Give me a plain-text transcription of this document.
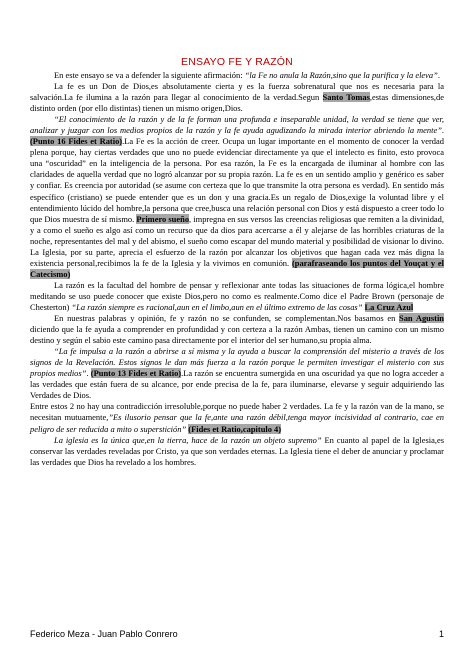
ENSAYO FE Y RAZÓN

En este ensayo se va a defender la siguiente afirmación: “la Fe no anula la Razón,sino que la purifica y la eleva”.

La fe es un Don de Dios,es absolutamente cierta y es la fuerza sobrenatural que nos es necesaria para la salvación.La fe ilumina a la razón para llegar al conocimiento de la verdad.Segun Santo Tomas,estas dimensiones,de distinto orden (por ello distintas) tienen un mismo origen,Dios.

“El conocimiento de la razón y de la fe forman una profunda e inseparable unidad, la verdad se tiene que ver, analizar y juzgar con los medios propios de la razón y la fe ayuda agudizando la mirada interior abriendo la mente”. (Punto 16 Fides et Ratio).La Fe es la acción de creer. Ocupa un lugar importante en el momento de conocer la verdad plena porque, hay ciertas verdades que uno no puede evidenciar directamente ya que el intelecto es finito, esto provoca una “oscuridad” en la inteligencia de la persona. Por esa razón, la Fe es la encargada de iluminar al hombre con las claridades de aquella verdad que no logró alcanzar por su propia razón. La fe es en un sentido amplio y genérico es saber y confiar. Es creencia por autoridad (se asume con certeza que lo que transmite la otra persona es verdad). En sentido más específico (cristiano) se puede entender que es un don y una gracia.Es un regalo de Dios,exige la voluntad libre y el entendimiento lúcido del hombre,la persona que cree,busca una relación personal con Dios y está dispuesto a creer todo lo que Dios muestra de sí mismo. Primero sueño, impregna en sus versos las creencias religiosas que remiten a la divinidad, y a como el sueño es algo así como un recurso que da dios para acercarse a él y alejarse de las horribles criaturas de la noche, representantes del mal y del abismo, el sueño como escapar del mundo material y posibilidad de visionar lo divino. La Iglesia, por su parte, aprecia el esfuerzo de la razón por alcanzar los objetivos que hagan cada vez más digna la existencia personal,recibimos la fe de la Iglesia y la vivimos en comunión. (parafraseando los puntos del Youçat y el Catecismo)

La razón es la facultad del hombre de pensar y reflexionar ante todas las situaciones de forma lógica,el hombre meditando se uso puede conocer que existe Dios,pero no como es realmente.Como dice el Padre Brown (personaje de Chesterton) “La razón siempre es racional,aun en el limbo,aun en el último extremo de las cosas” La Cruz Azul

En nuestras palabras y opinión, fe y razón no se confunden, se complementan.Nos basamos en San Agustin diciendo que la fe ayuda a comprender en profundidad y con certeza a la razón Ambas, tienen un camino con un mismo destino y según el sabio este camino pasa directamente por el interior del ser humano,su propia alma.

“La fe impulsa a la razón a abrirse a sí misma y la ayuda a buscar la comprensión del misterio a través de los signos de la Revelación. Estos signos le dan más fuerza a la razón porque le permiten investigar el misterio con sus propios medios”. (Punto 13 Fides et Ratio).La razón se encuentra sumergida en una oscuridad ya que no logra acceder a las verdades que están fuera de su alcance, por ende precisa de la fe, para iluminarse, elevarse y seguir adquiriendo las Verdades de Dios.

Entre estos 2 no hay una contradicción irresoluble,porque no puede haber 2 verdades. La fe y la razón van de la mano, se necesitan mutuamente,”Es ilusorio pensar que la fe,ante una razón débil,tenga mayor incisividad al contrario, cae en peligro de ser reducida a mito o superstición” (Fides et Ratio,capitulo 4)

La iglesia es la única que,en la tierra, hace de la razón un objeto supremo” En cuanto al papel de la Iglesia,es conservar las verdades reveladas por Cristo, ya que son verdades eternas. La Iglesia tiene el deber de anunciar y proclamar las verdades que Dios ha revelado a los hombres.

Federico Meza - Juan Pablo Conrero	1
